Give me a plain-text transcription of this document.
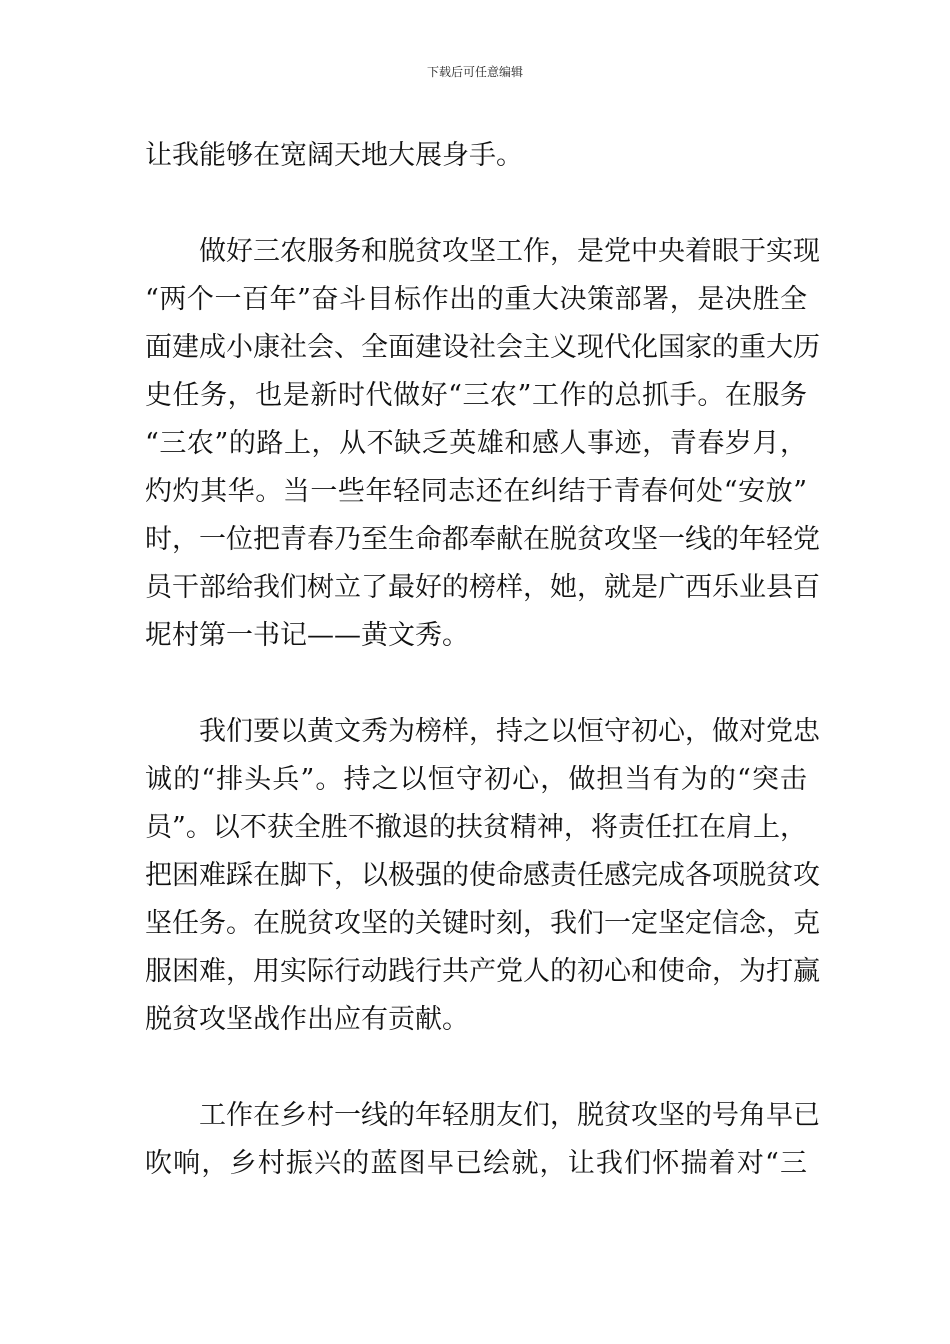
下载后可任意编辑
让我能够在宽阔天地大展身手。
做好三农服务和脱贫攻坚工作，是党中央着眼于实现
“两个一百年”奋斗目标作出的重大决策部署，是决胜全
面建成小康社会、全面建设社会主义现代化国家的重大历
史任务，也是新时代做好“三农”工作的总抓手。在服务
“三农”的路上，从不缺乏英雄和感人事迹，青春岁月，
灼灼其华。当一些年轻同志还在纠结于青春何处“安放”
时，一位把青春乃至生命都奉献在脱贫攻坚一线的年轻党
员干部给我们树立了最好的榜样，她，就是广西乐业县百
坭村第一书记——黄文秀。
我们要以黄文秀为榜样，持之以恒守初心，做对党忠
诚的“排头兵”。持之以恒守初心，做担当有为的“突击
员”。以不获全胜不撤退的扶贫精神，将责任扛在肩上，
把困难踩在脚下，以极强的使命感责任感完成各项脱贫攻
坚任务。在脱贫攻坚的关键时刻，我们一定坚定信念，克
服困难，用实际行动践行共产党人的初心和使命，为打赢
脱贫攻坚战作出应有贡献。
工作在乡村一线的年轻朋友们，脱贫攻坚的号角早已
吹响，乡村振兴的蓝图早已绘就，让我们怀揣着对“三
